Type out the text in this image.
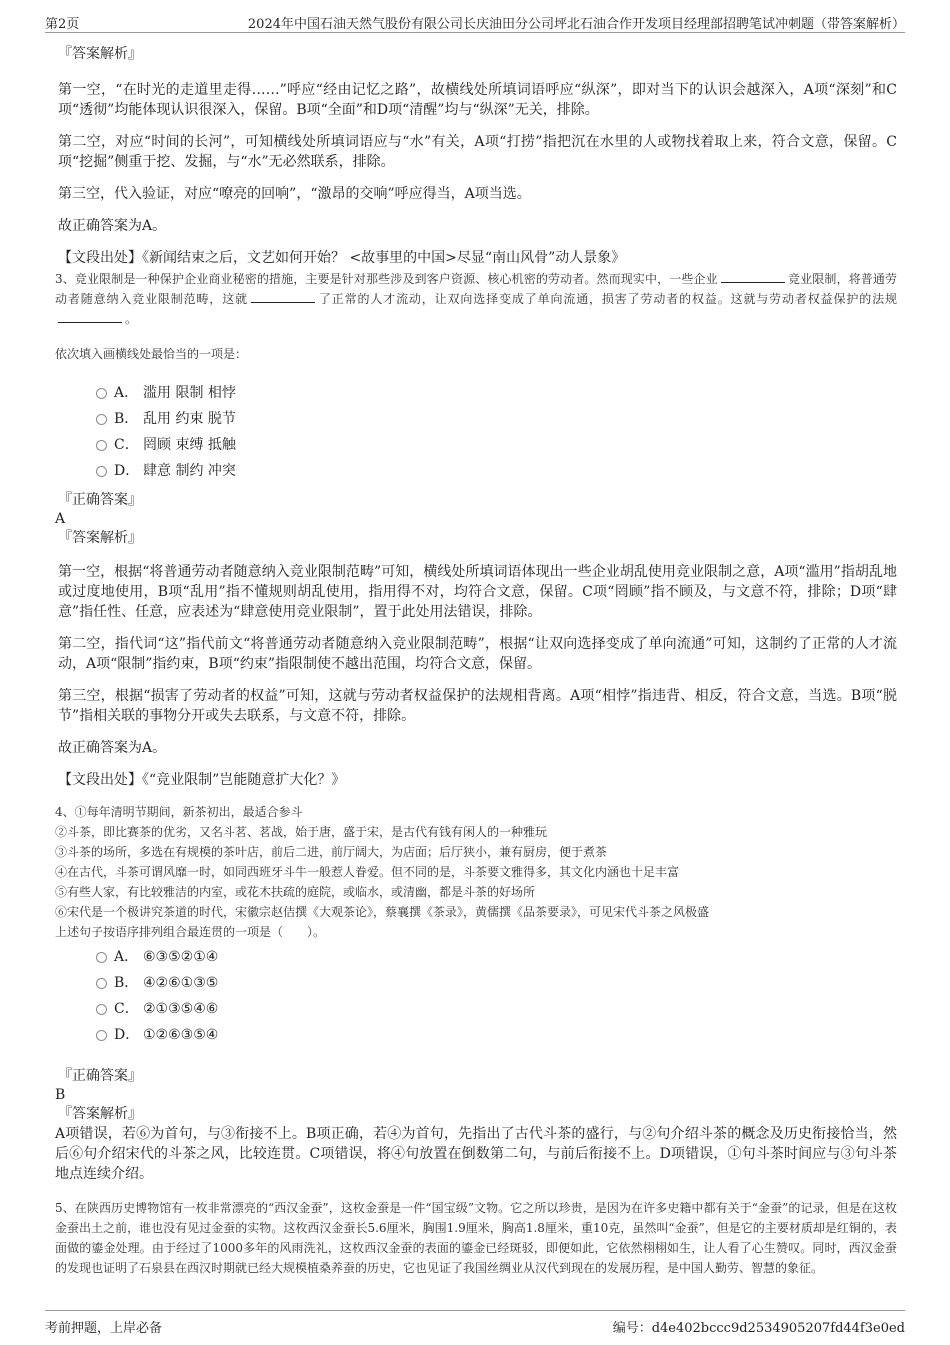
第2页	2024年中国石油天然气股份有限公司长庆油田分公司坪北石油合作开发项目经理部招聘笔试冲刺题（带答案解析）

『答案解析』

第一空，“在时光的走道里走得……”呼应“经由记忆之路”，故横线处所填词语呼应“纵深”，即对当下的认识会越深入，A项“深刻”和C项“透彻”均能体现认识很深入，保留。B项“全面”和D项“清醒”均与“纵深”无关，排除。

第二空，对应“时间的长河”，可知横线处所填词语应与“水”有关，A项“打捞”指把沉在水里的人或物找着取上来，符合文意，保留。C项“挖掘”侧重于挖、发掘，与“水”无必然联系，排除。

第三空，代入验证，对应“嘹亮的回响”，“激昂的交响”呼应得当，A项当选。

故正确答案为A。

【文段出处】《新闻结束之后，文艺如何开始？ <故事里的中国>尽显“南山风骨”动人景象》

3、竞业限制是一种保护企业商业秘密的措施，主要是针对那些涉及到客户资源、核心机密的劳动者。然而现实中，一些企业	竞业限制，将普通劳动者随意纳入竞业限制范畴，这就	了正常的人才流动，让双向选择变成了单向流通，损害了劳动者的权益。这就与劳动者权益保护的法规。

依次填入画横线处最恰当的一项是：

A． 滥用 限制 相悖
B． 乱用 约束 脱节
C． 罔顾 束缚 抵触
D． 肆意 制约 冲突

『正确答案』

A

『答案解析』

第一空，根据“将普通劳动者随意纳入竞业限制范畴”可知，横线处所填词语体现出一些企业胡乱使用竞业限制之意，A项“滥用”指胡乱地或过度地使用，B项“乱用”指不懂规则胡乱使用，指用得不对，均符合文意，保留。C项“罔顾”指不顾及，与文意不符，排除；D项“肆意”指任性、任意，应表述为“肆意使用竞业限制”，置于此处用法错误，排除。

第二空，指代词“这”指代前文“将普通劳动者随意纳入竞业限制范畴”，根据“让双向选择变成了单向流通”可知，这制约了正常的人才流动，A项“限制”指约束，B项“约束”指限制使不越出范围，均符合文意，保留。

第三空，根据“损害了劳动者的权益”可知，这就与劳动者权益保护的法规相背离。A项“相悖”指违背、相反，符合文意，当选。B项“脱节”指相关联的事物分开或失去联系，与文意不符，排除。

故正确答案为A。

【文段出处】《“竞业限制”岂能随意扩大化？》

4、①每年清明节期间，新茶初出，最适合参斗

②斗茶，即比赛茶的优劣，又名斗茗、茗战，始于唐，盛于宋，是古代有钱有闲人的一种雅玩

③斗茶的场所，多选在有规模的茶叶店，前后二进，前厅阔大，为店面；后厅狭小，兼有厨房，便于煮茶

④在古代，斗茶可谓风靡一时，如同西班牙斗牛一般惹人眷爱。但不同的是，斗茶要文雅得多，其文化内涵也十足丰富

⑤有些人家，有比较雅洁的内室，或花木扶疏的庭院，或临水，或清幽，都是斗茶的好场所

⑥宋代是一个极讲究茶道的时代，宋徽宗赵佶撰《大观茶论》，蔡襄撰《茶录》，黄儒撰《品茶要录》，可见宋代斗茶之风极盛

上述句子按语序排列组合最连贯的一项是（　　）。

A． ⑥③⑤②①④
B． ④②⑥①③⑤
C． ②①③⑤④⑥
D． ①②⑥③⑤④

『正确答案』

B

『答案解析』

A项错误，若⑥为首句，与③衔接不上。B项正确，若④为首句，先指出了古代斗茶的盛行，与②句介绍斗茶的概念及历史衔接恰当，然后⑥句介绍宋代的斗茶之风，比较连贯。C项错误，将④句放置在倒数第二句，与前后衔接不上。D项错误，①句斗茶时间应与③句斗茶地点连续介绍。

5、在陕西历史博物馆有一枚非常漂亮的“西汉金蚕”，这枚金蚕是一件“国宝级”文物。它之所以珍贵，是因为在许多史籍中都有关于“金蚕”的记录，但是在这枚金蚕出土之前，谁也没有见过金蚕的实物。这枚西汉金蚕长5.6厘米，胸围1.9厘米，胸高1.8厘米，重10克，虽然叫“金蚕”，但是它的主要材质却是红铜的，表面做的鎏金处理。由于经过了1000多年的风雨洗礼，这枚西汉金蚕的表面的鎏金已经斑驳，即便如此，它依然栩栩如生，让人看了心生赞叹。同时，西汉金蚕的发现也证明了石泉县在西汉时期就已经大规模植桑养蚕的历史，它也见证了我国丝绸业从汉代到现在的发展历程，是中国人勤劳、智慧的象征。

考前押题，上岸必备	编号：d4e402bccc9d2534905207fd44f3e0ed
